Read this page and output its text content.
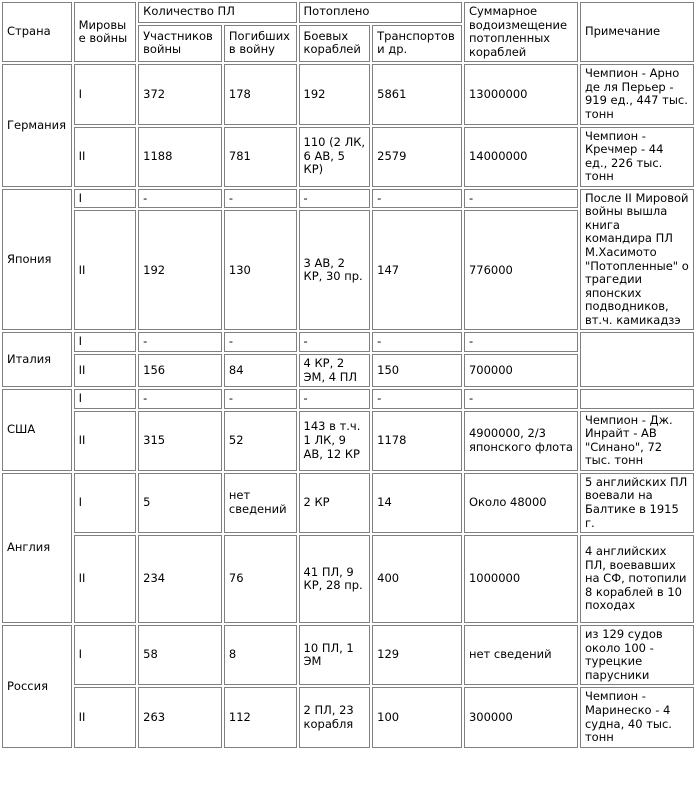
Страна	Мировые войны	Количество ПЛ		Потоплено		Суммарное водоизмещение потопленных кораблей	Примечание
		Участников войны	Погибших в войну	Боевых кораблей	Транспортов и др.		
Германия	I	372	178	192	5861	13000000	Чемпион - Арно де ля Перьер - 919 ед., 447 тыс. тонн
	II	1188	781	110 (2 ЛК, 6 АВ, 5 КР)	2579	14000000	Чемпион - Кречмер - 44 ед., 226 тыс. тонн
Япония	I	-	-	-	-	-	После II Мировой войны вышла книга командира ПЛ М.Хасимото "Потопленные" о трагедии японских подводников, вт.ч. камикадзэ
	II	192	130	3 АВ, 2 КР, 30 пр.	147	776000	
Италия	I	-	-	-	-	-	
	II	156	84	4 КР, 2 ЭМ, 4 ПЛ	150	700000	
США	I	-	-	-	-	-	
	II	315	52	143 в т.ч. 1 ЛК, 9 АВ, 12 КР	1178	4900000, 2/3 японского флота	Чемпион - Дж. Инрайт - АВ "Синано", 72 тыс. тонн
Англия	I	5	нет сведений	2 КР	14	Около 48000	5 английских ПЛ воевали на Балтике в 1915 г.
	II	234	76	41 ПЛ, 9 КР, 28 пр.	400	1000000	4 английских ПЛ, воевавших на СФ, потопили 8 кораблей в 10 походах
Россия	I	58	8	10 ПЛ, 1 ЭМ	129	нет сведений	из 129 судов около 100 - турецкие парусники
	II	263	112	2 ПЛ, 23 корабля	100	300000	Чемпион - Маринеско - 4 судна, 40 тыс. тонн
